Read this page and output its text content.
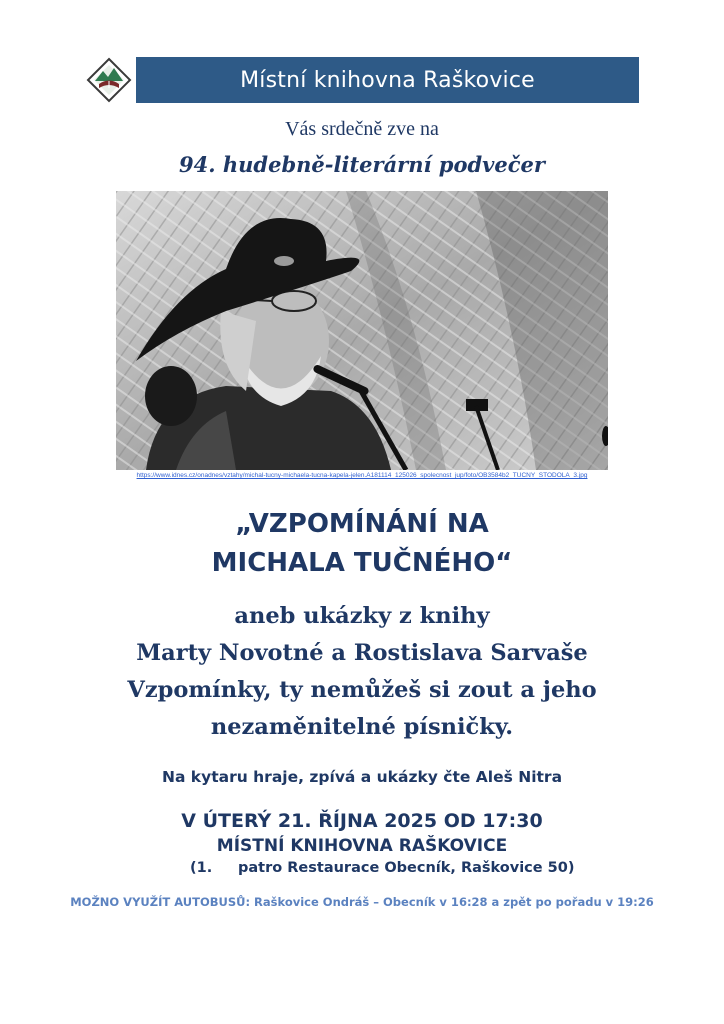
Místní knihovna Raškovice
Vás srdečně zve na
94. hudebně-literární podvečer
https://www.idnes.cz/onadnes/vztahy/michal-tucny-michaela-tucna-kapela-jelen.A181114_125026_spolecnost_jup/foto/OB3584b2_TUCNY_STODOLA_3.jpg
„VZPOMÍNÁNÍ NA
MICHALA TUČNÉHO“
aneb ukázky z knihy
Marty Novotné a Rostislava Sarvaše
Vzpomínky, ty nemůžeš si zout a jeho
nezaměnitelné písničky.
Na kytaru hraje, zpívá a ukázky čte Aleš Nitra
V ÚTERÝ 21. ŘÍJNA 2025 OD 17:30
MÍSTNÍ KNIHOVNA RAŠKOVICE
(1. patro Restaurace Obecník, Raškovice 50)
MOŽNO VYUŽÍT AUTOBUSŮ: Raškovice Ondráš – Obecník v 16:28 a zpět po pořadu v 19:26
